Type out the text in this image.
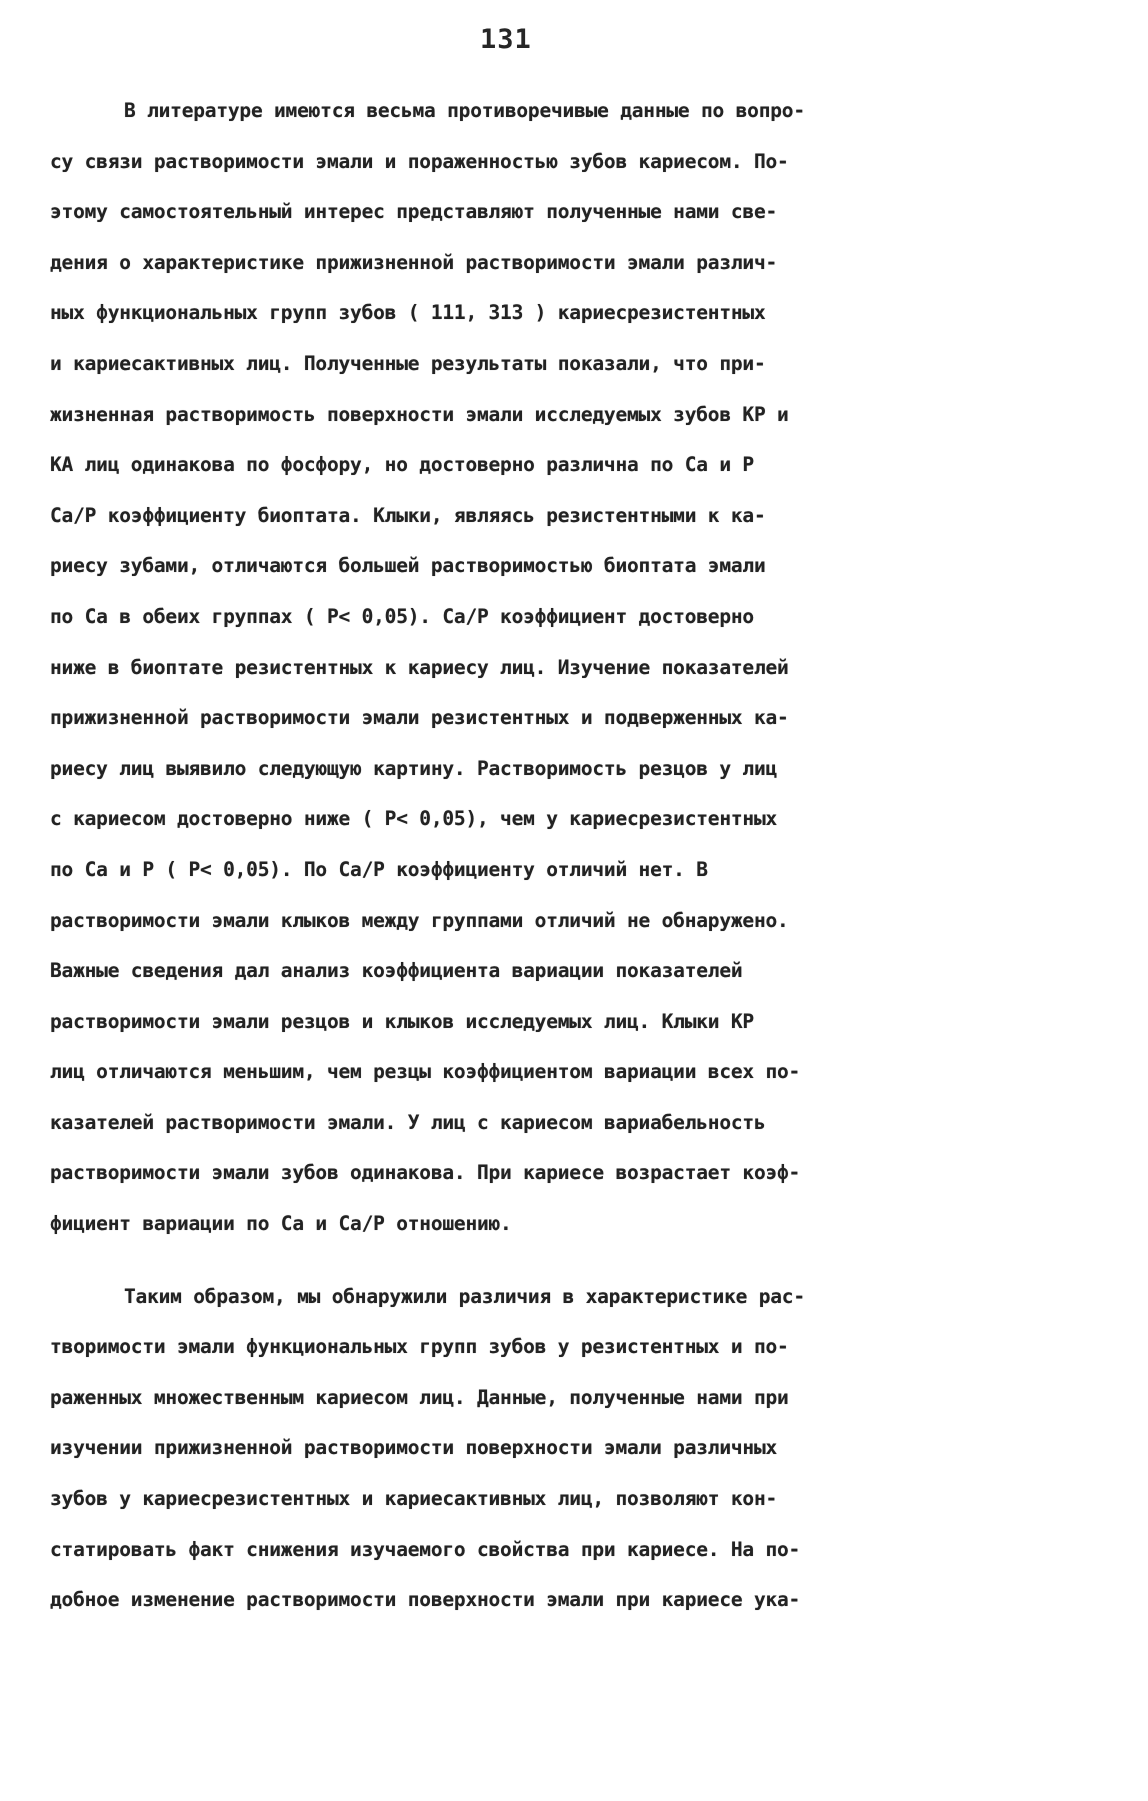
131
В литературе имеются весьма противоречивые данные по вопро-
су связи растворимости эмали и пораженностью зубов кариесом. По-
этому самостоятельный интерес представляют полученные нами све-
дения о характеристике прижизненной растворимости эмали различ-
ных функциональных групп зубов ( 111, 313 ) кариесрезистентных
и кариесактивных лиц. Полученные результаты показали, что при-
жизненная растворимость поверхности эмали исследуемых зубов КР и
КА лиц одинакова по фосфору, но достоверно различна по Ca и P
Ca/P коэффициенту биоптата. Клыки, являясь резистентными к ка-
риесу зубами, отличаются большей растворимостью биоптата эмали
по Ca в обеих группах ( P< 0,05). Ca/P коэффициент достоверно
ниже в биоптате резистентных к кариесу лиц. Изучение показателей
прижизненной растворимости эмали резистентных и подверженных ка-
риесу лиц выявило следующую картину. Растворимость резцов у лиц
с кариесом достоверно ниже ( P< 0,05), чем у кариесрезистентных
по Ca и P ( P< 0,05). По Ca/P коэффициенту отличий нет. В
растворимости эмали клыков между группами отличий не обнаружено.
Важные сведения дал анализ коэффициента вариации показателей
растворимости эмали резцов и клыков исследуемых лиц. Клыки КР
лиц отличаются меньшим, чем резцы коэффициентом вариации всех по-
казателей растворимости эмали. У лиц с кариесом вариабельность
растворимости эмали зубов одинакова. При кариесе возрастает коэф-
фициент вариации по Ca и Ca/P отношению.
Таким образом, мы обнаружили различия в характеристике рас-
творимости эмали функциональных групп зубов у резистентных и по-
раженных множественным кариесом лиц. Данные, полученные нами при
изучении прижизненной растворимости поверхности эмали различных
зубов у кариесрезистентных и кариесактивных лиц, позволяют кон-
статировать факт снижения изучаемого свойства при кариесе. На по-
добное изменение растворимости поверхности эмали при кариесе ука-
